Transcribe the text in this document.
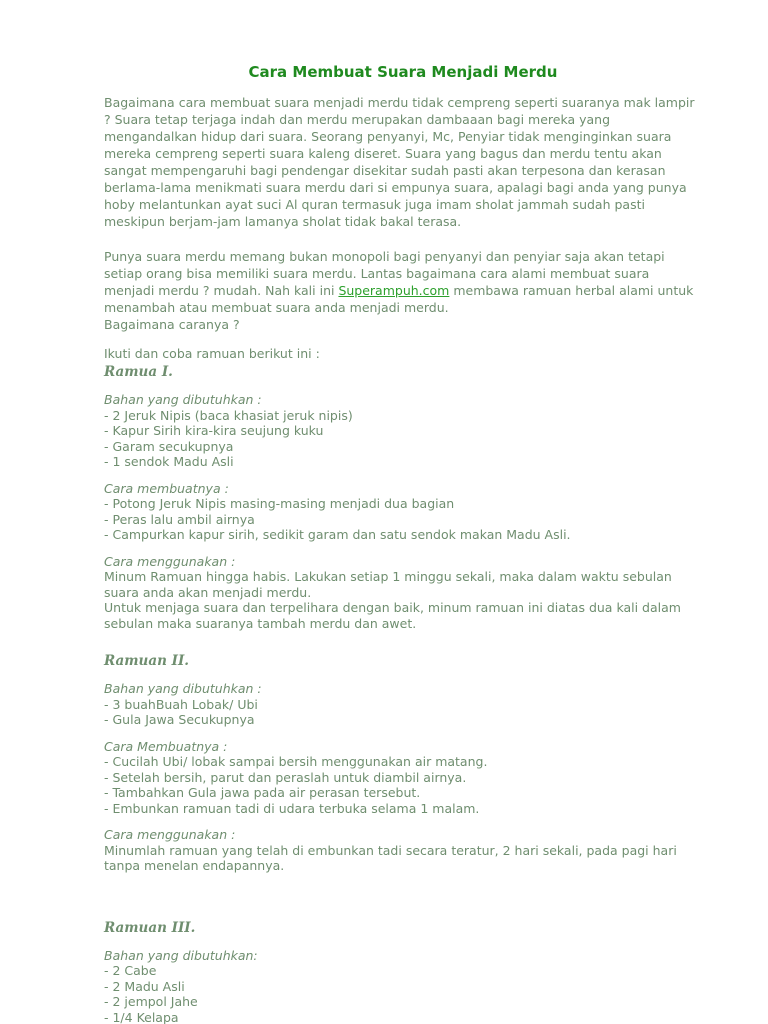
Cara Membuat Suara Menjadi Merdu
Bagaimana cara membuat suara menjadi merdu tidak cempreng seperti suaranya mak lampir ? Suara tetap terjaga indah dan merdu merupakan dambaaan bagi mereka yang mengandalkan hidup dari suara. Seorang penyanyi, Mc, Penyiar tidak menginginkan suara mereka cempreng seperti suara kaleng diseret. Suara yang bagus dan merdu tentu akan sangat mempengaruhi bagi pendengar disekitar sudah pasti akan terpesona dan kerasan berlama-lama menikmati suara merdu dari si empunya suara, apalagi bagi anda yang punya hoby melantunkan ayat suci Al quran termasuk juga imam sholat jammah sudah pasti meskipun berjam-jam lamanya sholat tidak bakal terasa.
Punya suara merdu memang bukan monopoli bagi penyanyi dan penyiar saja akan tetapi setiap orang bisa memiliki suara merdu. Lantas bagaimana cara alami membuat suara menjadi merdu ? mudah. Nah kali ini Superampuh.com membawa ramuan herbal alami untuk menambah atau membuat suara anda menjadi merdu.
Bagaimana caranya ?
Ikuti dan coba ramuan berikut ini :
Ramua I.
Bahan yang dibutuhkan :
- 2 Jeruk Nipis (baca khasiat jeruk nipis)
- Kapur Sirih kira-kira seujung kuku
- Garam secukupnya
- 1 sendok Madu Asli
Cara membuatnya :
- Potong Jeruk Nipis masing-masing menjadi dua bagian
- Peras lalu ambil airnya
- Campurkan kapur sirih, sedikit garam dan satu sendok makan Madu Asli.
Cara menggunakan :
Minum Ramuan hingga habis. Lakukan setiap 1 minggu sekali, maka dalam waktu sebulan suara anda akan menjadi merdu.
Untuk menjaga suara dan terpelihara dengan baik, minum ramuan ini diatas dua kali dalam sebulan maka suaranya tambah merdu dan awet.
Ramuan II.
Bahan yang dibutuhkan :
- 3 buahBuah Lobak/ Ubi
- Gula Jawa Secukupnya
Cara Membuatnya :
- Cucilah Ubi/ lobak sampai bersih menggunakan air matang.
- Setelah bersih, parut dan peraslah untuk diambil airnya.
- Tambahkan Gula jawa pada air perasan tersebut.
- Embunkan ramuan tadi di udara terbuka selama 1 malam.
Cara menggunakan :
Minumlah ramuan yang telah di embunkan tadi secara teratur, 2 hari sekali, pada pagi hari tanpa menelan endapannya.
Ramuan III.
Bahan yang dibutuhkan:
- 2 Cabe
- 2 Madu Asli
- 2 jempol Jahe
- 1/4 Kelapa
